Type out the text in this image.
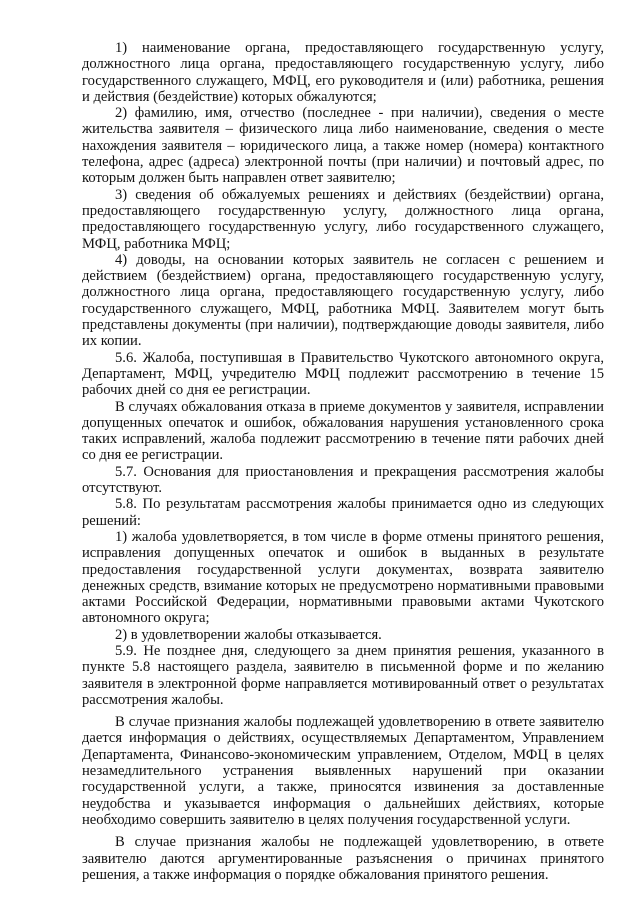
1) наименование органа, предоставляющего государственную услугу, должностного лица органа, предоставляющего государственную услугу, либо государственного служащего, МФЦ, его руководителя и (или) работника, решения и действия (бездействие) которых обжалуются;

2) фамилию, имя, отчество (последнее - при наличии), сведения о месте жительства заявителя – физического лица либо наименование, сведения о месте нахождения заявителя – юридического лица, а также номер (номера) контактного телефона, адрес (адреса) электронной почты (при наличии) и почтовый адрес, по которым должен быть направлен ответ заявителю;

3) сведения об обжалуемых решениях и действиях (бездействии) органа, предоставляющего государственную услугу, должностного лица органа, предоставляющего государственную услугу, либо государственного служащего, МФЦ, работника МФЦ;

4) доводы, на основании которых заявитель не согласен с решением и действием (бездействием) органа, предоставляющего государственную услугу, должностного лица органа, предоставляющего государственную услугу, либо государственного служащего, МФЦ, работника МФЦ. Заявителем могут быть представлены документы (при наличии), подтверждающие доводы заявителя, либо их копии.

5.6. Жалоба, поступившая в Правительство Чукотского автономного округа, Департамент, МФЦ, учредителю МФЦ подлежит рассмотрению в течение 15 рабочих дней со дня ее регистрации.

В случаях обжалования отказа в приеме документов у заявителя, исправлении допущенных опечаток и ошибок, обжалования нарушения установленного срока таких исправлений, жалоба подлежит рассмотрению в течение пяти рабочих дней со дня ее регистрации.

5.7. Основания для приостановления и прекращения рассмотрения жалобы отсутствуют.

5.8. По результатам рассмотрения жалобы принимается одно из следующих решений:

1) жалоба удовлетворяется, в том числе в форме отмены принятого решения, исправления допущенных опечаток и ошибок в выданных в результате предоставления государственной услуги документах, возврата заявителю денежных средств, взимание которых не предусмотрено нормативными правовыми актами Российской Федерации, нормативными правовыми актами Чукотского автономного округа;

2) в удовлетворении жалобы отказывается.

5.9. Не позднее дня, следующего за днем принятия решения, указанного в пункте 5.8 настоящего раздела, заявителю в письменной форме и по желанию заявителя в электронной форме направляется мотивированный ответ о результатах рассмотрения жалобы.

В случае признания жалобы подлежащей удовлетворению в ответе заявителю дается информация о действиях, осуществляемых Департаментом, Управлением Департамента, Финансово-экономическим управлением, Отделом, МФЦ в целях незамедлительного устранения выявленных нарушений при оказании государственной услуги, а также, приносятся извинения за доставленные неудобства и указывается информация о дальнейших действиях, которые необходимо совершить заявителю в целях получения государственной услуги.

В случае признания жалобы не подлежащей удовлетворению, в ответе заявителю даются аргументированные разъяснения о причинах принятого решения, а также информация о порядке обжалования принятого решения.
